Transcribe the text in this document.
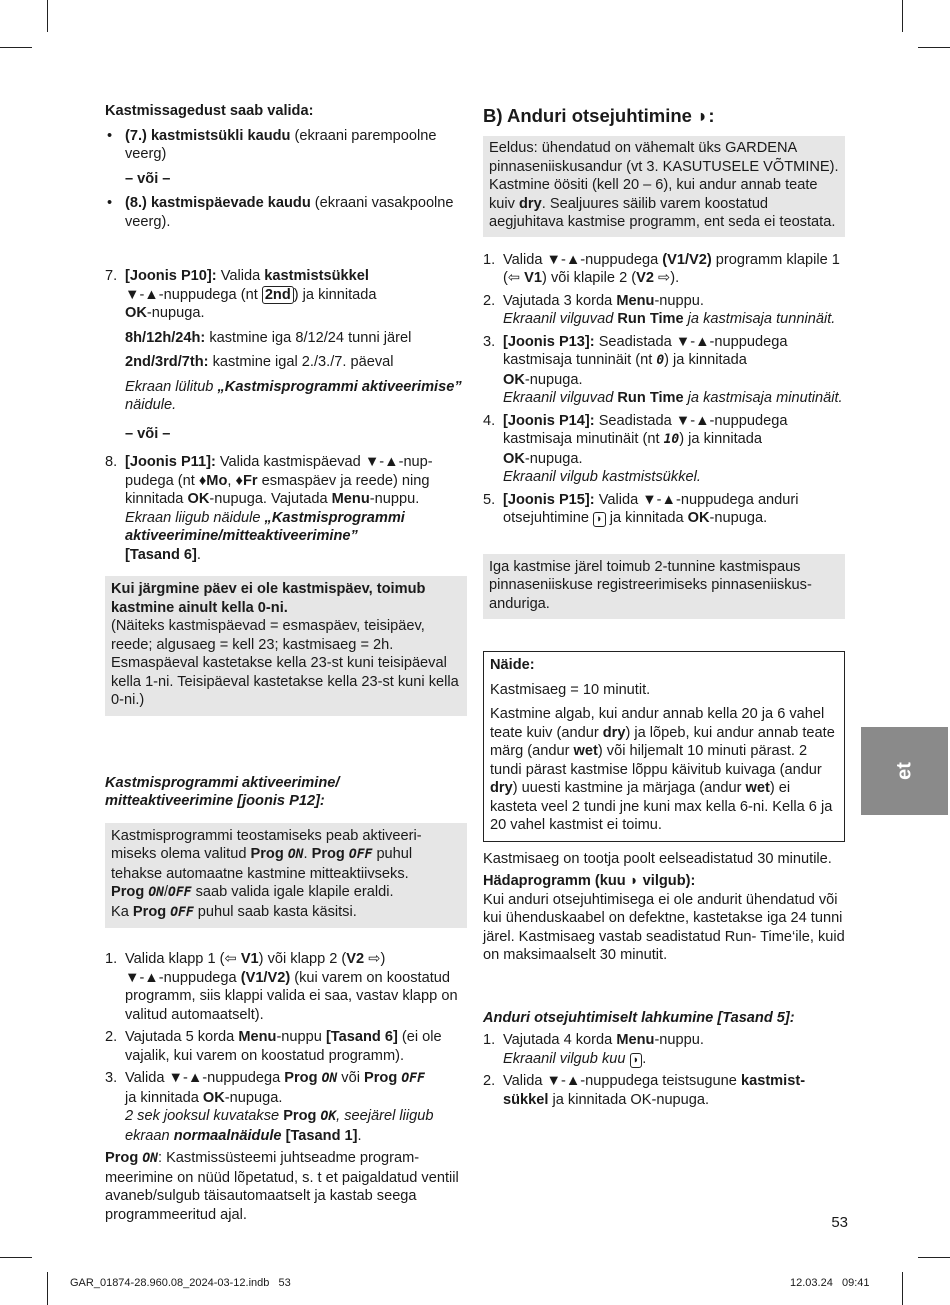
Kastmissagedust saab valida:

• (7.) kastmistsükli kaudu (ekraani parempoolne veerg)

– või –

• (8.) kastmispäevade kaudu (ekraani vasakpoolne veerg).

7. [Joonis P10]: Valida kastmistsükkel
▼-▲-nuppudega (nt 2nd ) ja kinnitada
OK-nupuga.

8h/12h/24h: kastmine iga 8/12/24 tunni järel

2nd/3rd/7th: kastmine igal 2./3./7. päeval

Ekraan lülitub „Kastmisprogrammi aktiveerimise” näidule.

– või –

8. [Joonis P11]: Valida kastmispäevad ▼-▲-nuppudega (nt ♦Mo, ♦Fr esmaspäev ja reede) ning kinnitada OK-nupuga. Vajutada Menu-nuppu.
Ekraan liigub näidule „Kastmisprogrammi aktiveerimine/mitteaktiveerimine”
[Tasand 6].

Kui järgmine päev ei ole kastmispäev, toimub kastmine ainult kella 0-ni.

(Näiteks kastmispäevad = esmaspäev, teisipäev, reede; algusaeg = kell 23; kastmisaeg = 2h. Esmaspäeval kastetakse kella 23-st kuni teisipäeval kella 1-ni. Teisipäeval kastetakse kella 23-st kuni kella 0-ni.)

Kastmisprogrammi aktiveerimine/ mitteaktiveerimine [joonis P12]:

Kastmisprogrammi teostamiseks peab aktiveerimiseks olema valitud Prog ON. Prog OFF puhul tehakse automaatne kastmine mitteaktiivseks.
Prog ON/OFF saab valida igale klapile eraldi.
Ka Prog OFF puhul saab kasta käsitsi.

1. Valida klapp 1 (⇦ V1) või klapp 2 (V2 ⇨)
▼-▲-nuppudega (V1/V2) (kui varem on koostatud programm, siis klappi valida ei saa, vastav klapp on valitud automaatselt).

2. Vajutada 5 korda Menu-nuppu [Tasand 6] (ei ole vajalik, kui varem on koostatud programm).

3. Valida ▼-▲-nuppudega Prog ON või Prog OFF
ja kinnitada OK-nupuga.
2 sek jooksul kuvatakse Prog OK, seejärel liigub ekraan normaalnäidule [Tasand 1].

Prog ON: Kastmissüsteemi juhtseadme programmeerimine on nüüd lõpetatud, s. t et paigaldatud ventiil avaneb/sulgub täisautomaatselt ja kastab seega programmeeritud ajal.

B) Anduri otsejuhtimine ◗:

Eeldus: ühendatud on vähemalt üks GARDENA pinnaseniiskusandur (vt 3. KASUTUSELE VÕTMINE). Kastmine öösiti (kell 20 – 6), kui andur annab teate kuiv dry. Sealjuures säilib varem koostatud aegjuhitava kastmise programm, ent seda ei teostata.

1. Valida ▼-▲-nuppudega (V1/V2) programm klapile 1 (⇦ V1) või klapile 2 (V2 ⇨).

2. Vajutada 3 korda Menu-nuppu.
Ekraanil vilguvad Run Time ja kastmisaja tunninäit.

3. [Joonis P13]: Seadistada ▼-▲-nuppudega kastmisaja tunninäit (nt 0) ja kinnitada
OK-nupuga.
Ekraanil vilguvad Run Time ja kastmisaja minutinäit.

4. [Joonis P14]: Seadistada ▼-▲-nuppudega kastmisaja minutinäit (nt 10) ja kinnitada
OK-nupuga.
Ekraanil vilgub kastmistsükkel.

5. [Joonis P15]: Valida ▼-▲-nuppudega anduri otsejuhtimine ◗ ja kinnitada OK-nupuga.

Iga kastmise järel toimub 2-tunnine kastmispaus pinnaseniiskuse registreerimiseks pinnaseniiskusanduriga.

Näide:

Kastmisaeg = 10 minutit.

Kastmine algab, kui andur annab kella 20 ja 6 vahel teate kuiv (andur dry) ja lõpeb, kui andur annab teate märg (andur wet) või hiljemalt 10 minuti pärast. 2 tundi pärast kastmise lõppu käivitub kuivaga (andur dry) uuesti kastmine ja märjaga (andur wet) ei kasteta veel 2 tundi jne kuni max kella 6-ni. Kella 6 ja 20 vahel kastmist ei toimu.

Kastmisaeg on tootja poolt eelseadistatud 30 minutile.

Hädaprogramm (kuu ◗ vilgub):

Kui anduri otsejuhtimisega ei ole andurit ühendatud või kui ühenduskaabel on defektne, kastetakse iga 24 tunni järel. Kastmisaeg vastab seadistatud Run- Time‘ile, kuid on maksimaalselt 30 minutit.

Anduri otsejuhtimiselt lahkumine [Tasand 5]:

1. Vajutada 4 korda Menu-nuppu.
Ekraanil vilgub kuu ◗ .

2. Valida ▼-▲-nuppudega teistsugune kastmistsükkel ja kinnitada OK-nupuga.

et
53
GAR_01874-28.960.08_2024-03-12.indb   53	12.03.24   09:41
